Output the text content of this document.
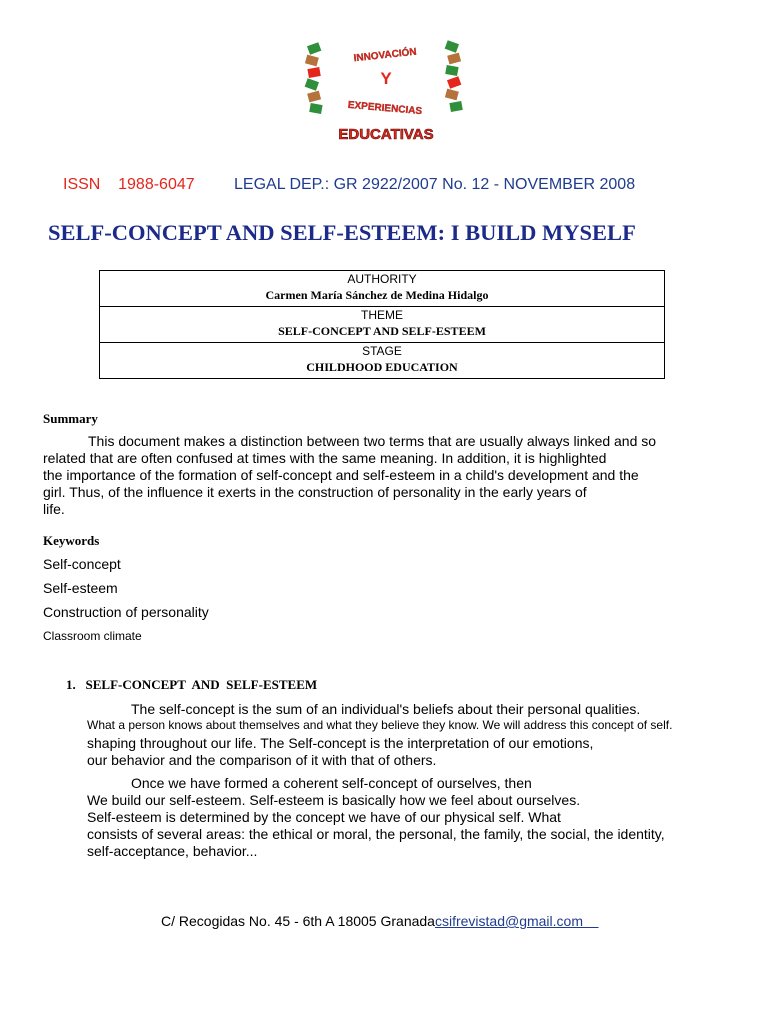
INNOVACIÓN
Y
EXPERIENCIAS
EDUCATIVAS
ISSN 1988-6047 LEGAL DEP.: GR 2922/2007 No. 12 - NOVEMBER 2008
SELF-CONCEPT AND SELF-ESTEEM: I BUILD MYSELF
AUTHORITY
Carmen María Sánchez de Medina Hidalgo

THEME
SELF-CONCEPT AND SELF-ESTEEM

STAGE
CHILDHOOD EDUCATION
Summary
This document makes a distinction between two terms that are usually always linked and so
related that are often confused at times with the same meaning. In addition, it is highlighted
the importance of the formation of self-concept and self-esteem in a child's development and the
girl. Thus, of the influence it exerts in the construction of personality in the early years of
life.
Keywords
Self-concept
Self-esteem
Construction of personality
Classroom climate
1.   SELF-CONCEPT  AND  SELF-ESTEEM
The self-concept is the sum of an individual's beliefs about their personal qualities.
What a person knows about themselves and what they believe they know. We will address this concept of self.
shaping throughout our life. The Self-concept is the interpretation of our emotions,
our behavior and the comparison of it with that of others.
Once we have formed a coherent self-concept of ourselves, then
We build our self-esteem. Self-esteem is basically how we feel about ourselves.
Self-esteem is determined by the concept we have of our physical self. What
consists of several areas: the ethical or moral, the personal, the family, the social, the identity,
self-acceptance, behavior...
C/ Recogidas No. 45 - 6th A 18005 Granadacsifrevistad@gmail.com
